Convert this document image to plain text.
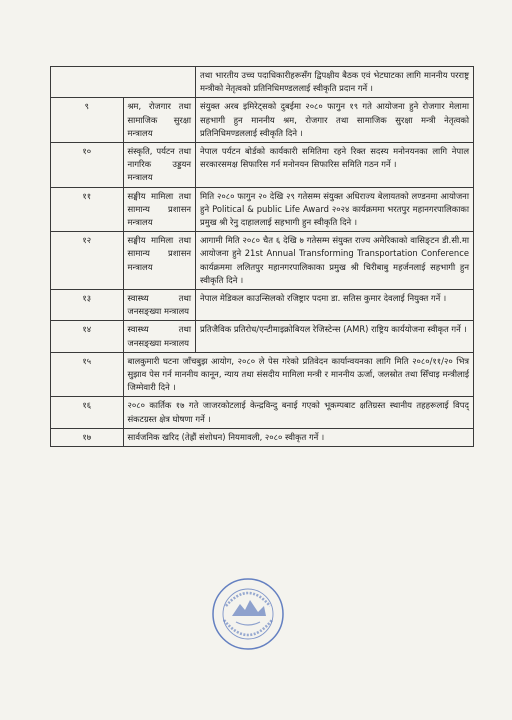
		तथा भारतीय उच्च पदाधिकारीहरूसँग द्विपक्षीय बैठक एवं भेटघाटका लागि माननीय परराष्ट्र मन्त्रीको नेतृत्वको प्रतिनिधिमण्डललाई स्वीकृति प्रदान गर्ने ।
९	श्रम, रोजगार तथा सामाजिक सुरक्षा मन्त्रालय	संयुक्त अरब इमिरेट्सको दुबईमा २०८० फागुन १९ गते आयोजना हुने रोजगार मेलामा सहभागी हुन माननीय श्रम, रोजगार तथा सामाजिक सुरक्षा मन्त्री नेतृत्वको प्रतिनिधिमण्डललाई स्वीकृति दिने ।
१०	संस्कृति, पर्यटन तथा नागरिक उड्डयन मन्त्रालय	नेपाल पर्यटन बोर्डको कार्यकारी समितिमा रहने रिक्त सदस्य मनोनयनका लागि नेपाल सरकारसमक्ष सिफारिस गर्न मनोनयन सिफारिस समिति गठन गर्ने ।
११	सङ्घीय मामिला तथा सामान्य प्रशासन मन्त्रालय	मिति २०८० फागुन २० देखि २९ गतेसम्म संयुक्त अधिराज्य बेलायतको लण्डनमा आयोजना हुने Political & public Life Award २०२४ कार्यक्रममा भरतपुर महानगरपालिकाका प्रमुख श्री रेनु दाहाललाई सहभागी हुन स्वीकृति दिने ।
१२	सङ्घीय मामिला तथा सामान्य प्रशासन मन्त्रालय	आगामी मिति २०८० चैत ६ देखि ७ गतेसम्म संयुक्त राज्य अमेरिकाको वासिङ्टन डी.सी.मा आयोजना हुने 21st Annual Transforming Transportation Conference कार्यक्रममा ललितपुर महानगरपालिकाका प्रमुख श्री चिरीबाबु महर्जनलाई सहभागी हुन स्वीकृति दिने ।
१३	स्वास्थ्य तथा जनसङ्ख्या मन्त्रालय	नेपाल मेडिकल काउन्सिलको रजिष्ट्रार पदमा डा. सतिस कुमार देवलाई नियुक्त गर्ने ।
१४	स्वास्थ्य तथा जनसङ्ख्या मन्त्रालय	प्रतिजैविक प्रतिरोध/एन्टीमाइक्रोबियल रेजिस्टेन्स (AMR) राष्ट्रिय कार्ययोजना स्वीकृत गर्ने ।
१५	बालकुमारी घटना जाँचबुझ आयोग, २०८० ले पेस गरेको प्रतिवेदन कार्यान्वयनका लागि मिति २०८०/११/२० भित्र सुझाव पेस गर्न माननीय कानून, न्याय तथा संसदीय मामिला मन्त्री र माननीय ऊर्जा, जलस्रोत तथा सिँचाइ मन्त्रीलाई जिम्मेवारी दिने ।	
१६	२०८० कार्तिक १७ गते जाजरकोटलाई केन्द्रविन्दु बनाई गएको भूकम्पबाट क्षतिग्रस्त स्थानीय तहहरूलाई विपद् संकटग्रस्त क्षेत्र घोषणा गर्ने ।	
१७	सार्वजनिक खरिद (तेह्रौं संशोधन) नियमावली, २०८० स्वीकृत गर्ने ।	
